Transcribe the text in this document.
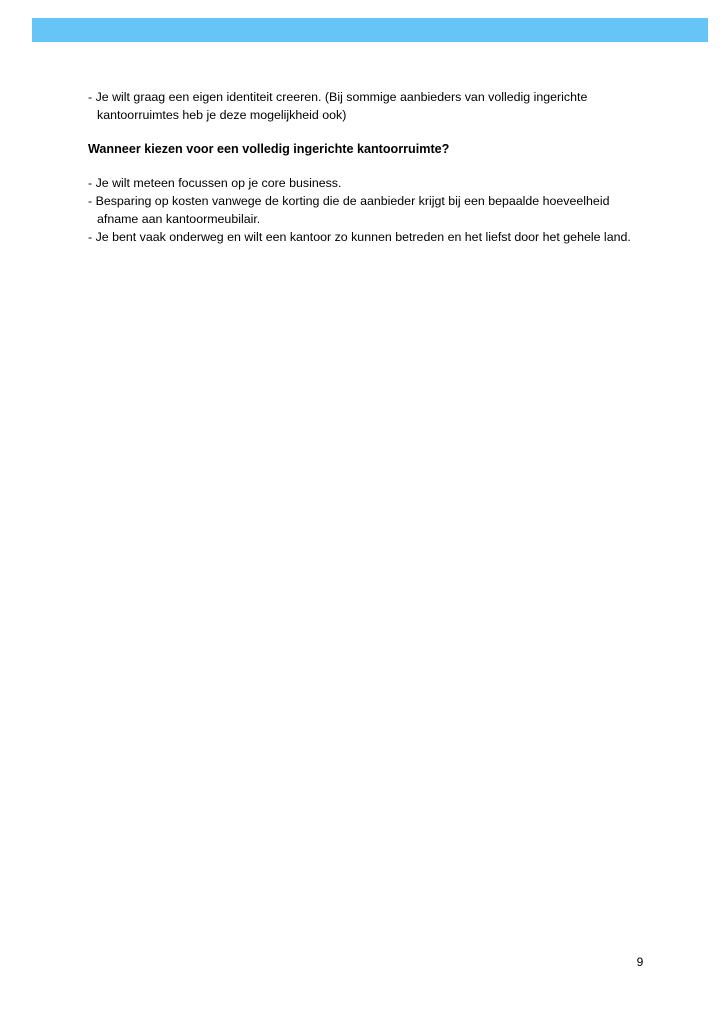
- Je wilt graag een eigen identiteit creeren. (Bij sommige aanbieders van volledig ingerichte kantoorruimtes heb je deze mogelijkheid ook)

Wanneer kiezen voor een volledig ingerichte kantoorruimte?

- Je wilt meteen focussen op je core business.

- Besparing op kosten vanwege de korting die de aanbieder krijgt bij een bepaalde hoeveelheid afname aan kantoormeubilair.

- Je bent vaak onderweg en wilt een kantoor zo kunnen betreden en het liefst door het gehele land.

9
